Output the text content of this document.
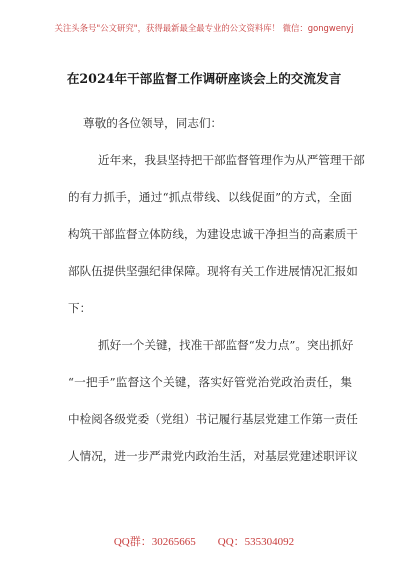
关注头条号"公文研究"，获得最新最全最专业的公文资料库！ 微信：gongwenyj
在2024年干部监督工作调研座谈会上的交流发言
尊敬的各位领导，同志们：
近年来，我县坚持把干部监督管理作为从严管理干部
的有力抓手，通过“抓点带线、以线促面”的方式，全面
构筑干部监督立体防线，为建设忠诚干净担当的高素质干
部队伍提供坚强纪律保障。现将有关工作进展情况汇报如
下：
抓好一个关键，找准干部监督“发力点”。突出抓好
“一把手”监督这个关键，落实好管党治党政治责任，集
中检阅各级党委（党组）书记履行基层党建工作第一责任
人情况，进一步严肃党内政治生活，对基层党建述职评议
QQ群：30265665 QQ：535304092
